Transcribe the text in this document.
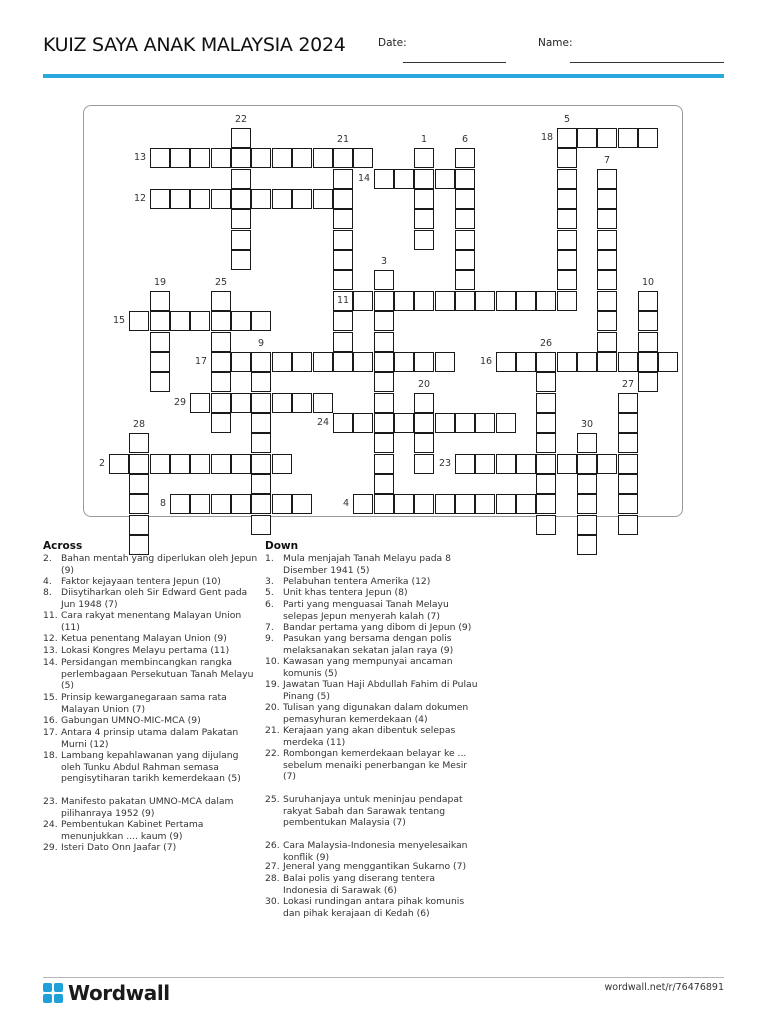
KUIZ SAYA ANAK MALAYSIA 2024	Date:	Name:
2
4
8
11
12
13
14
15
16
17
18
23
24
29
1
3
5
6
7
9
10
19
20
21
22
25
26
27
28	30
Across
2.	Bahan mentah yang diperlukan oleh Jepun (9)
4.	Faktor kejayaan tentera Jepun (10)
8.	Diisytiharkan oleh Sir Edward Gent pada Jun 1948 (7)
11. Cara rakyat menentang Malayan Union (11)
12. Ketua penentang Malayan Union (9)
13. Lokasi Kongres Melayu pertama (11)
14. Persidangan membincangkan rangka perlembagaan Persekutuan Tanah Melayu (5)
15. Prinsip kewarganegaraan sama rata Malayan Union (7)
16. Gabungan UMNO-MIC-MCA (9)
17. Antara 4 prinsip utama dalam Pakatan Murni (12)
18. Lambang kepahlawanan yang dijulang oleh Tunku Abdul Rahman semasa pengisytiharan tarikh kemerdekaan (5)
23. Manifesto pakatan UMNO-MCA dalam pilihanraya 1952 (9)
24. Pembentukan Kabinet Pertama menunjukkan .... kaum (9)
29. Isteri Dato Onn Jaafar (7)
Down
1.	Mula menjajah Tanah Melayu pada 8 Disember 1941 (5)
3.	Pelabuhan tentera Amerika (12)
5.	Unit khas tentera Jepun (8)
6.	Parti yang menguasai Tanah Melayu selepas Jepun menyerah kalah (7)
7.	Bandar pertama yang dibom di Jepun (9)
9.	Pasukan yang bersama dengan polis melaksanakan sekatan jalan raya (9)
10. Kawasan yang mempunyai ancaman komunis (5)
19. Jawatan Tuan Haji Abdullah Fahim di Pulau Pinang (5)
20. Tulisan yang digunakan dalam dokumen pemasyhuran kemerdekaan (4)
21. Kerajaan yang akan dibentuk selepas merdeka (11)
22. Rombongan kemerdekaan belayar ke ... sebelum menaiki penerbangan ke Mesir (7)
25. Suruhanjaya untuk meninjau pendapat rakyat Sabah dan Sarawak tentang pembentukan Malaysia (7)
26. Cara Malaysia-Indonesia menyelesaikan konflik (9)
27. Jeneral yang menggantikan Sukarno (7)
28. Balai polis yang diserang tentera Indonesia di Sarawak (6)
30. Lokasi rundingan antara pihak komunis dan pihak kerajaan di Kedah (6)
Wordwall	wordwall.net/r/76476891
